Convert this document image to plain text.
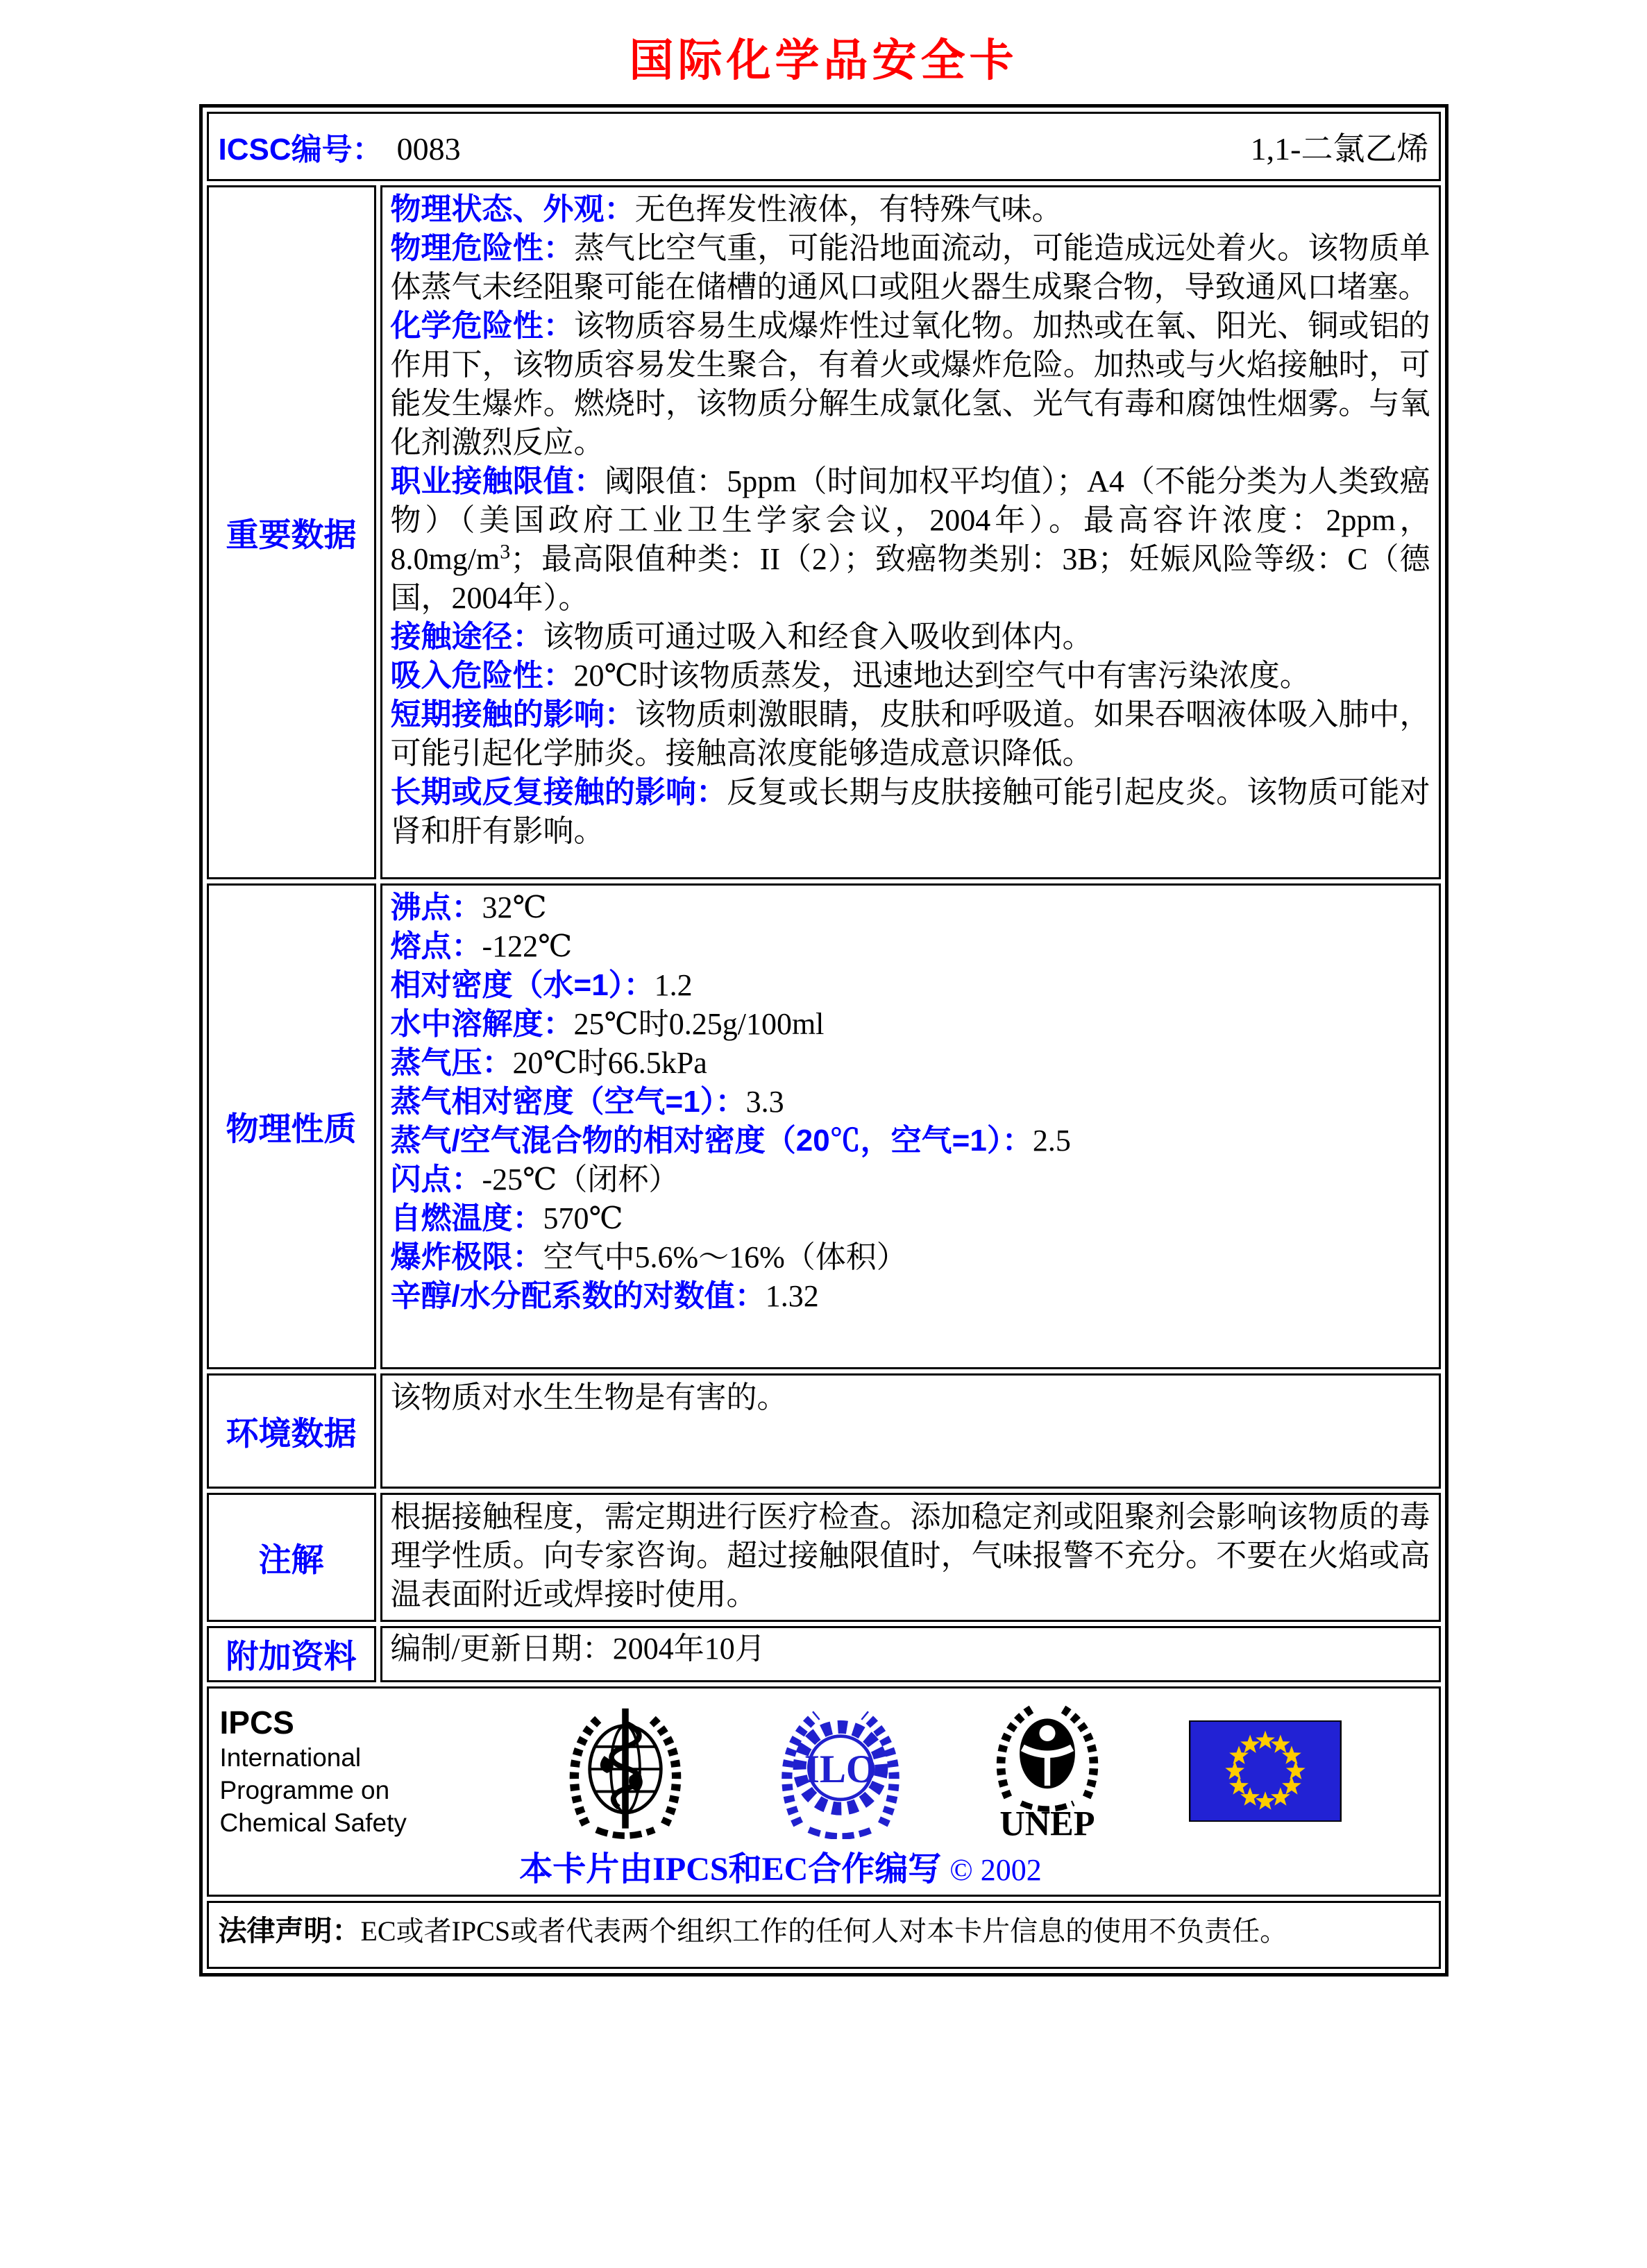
国际化学品安全卡
ICSC编号： 0083	1,1-二氯乙烯
重要数据
物理状态、外观：无色挥发性液体，有特殊气味。
物理危险性：蒸气比空气重，可能沿地面流动，可能造成远处着火。该物质单体蒸气未经阻聚可能在储槽的通风口或阻火器生成聚合物，导致通风口堵塞。
化学危险性：该物质容易生成爆炸性过氧化物。加热或在氧、阳光、铜或铝的作用下，该物质容易发生聚合，有着火或爆炸危险。加热或与火焰接触时，可能发生爆炸。燃烧时，该物质分解生成氯化氢、光气有毒和腐蚀性烟雾。与氧化剂激烈反应。
职业接触限值：阈限值：5ppm（时间加权平均值）；A4（不能分类为人类致癌物）（美国政府工业卫生学家会议，2004年）。最高容许浓度：2ppm，$8.0mg/m^3$；最高限值种类：II（2）；致癌物类别：3B；妊娠风险等级：C（德国，2004年）。
接触途径：该物质可通过吸入和经食入吸收到体内。
吸入危险性：20℃时该物质蒸发，迅速地达到空气中有害污染浓度。
短期接触的影响：该物质刺激眼睛，皮肤和呼吸道。如果吞咽液体吸入肺中，可能引起化学肺炎。接触高浓度能够造成意识降低。
长期或反复接触的影响：反复或长期与皮肤接触可能引起皮炎。该物质可能对肾和肝有影响。
物理性质
沸点：32℃
熔点：-122℃
相对密度（水=1）：1.2
水中溶解度：25℃时0.25g/100ml
蒸气压：20℃时66.5kPa
蒸气相对密度（空气=1）：3.3
蒸气/空气混合物的相对密度（20℃，空气=1）：2.5
闪点：-25℃（闭杯）
自燃温度：570℃
爆炸极限：空气中5.6%～16%（体积）
辛醇/水分配系数的对数值：1.32
环境数据
该物质对水生生物是有害的。
注解
根据接触程度，需定期进行医疗检查。添加稳定剂或阻聚剂会影响该物质的毒理学性质。向专家咨询。超过接触限值时，气味报警不充分。不要在火焰或高温表面附近或焊接时使用。
附加资料	编制/更新日期：2004年10月
IPCS
International
Programme on
Chemical Safety
ILO
UNEP
本卡片由IPCS和EC合作编写 © 2002
法律声明：EC或者IPCS或者代表两个组织工作的任何人对本卡片信息的使用不负责任。
